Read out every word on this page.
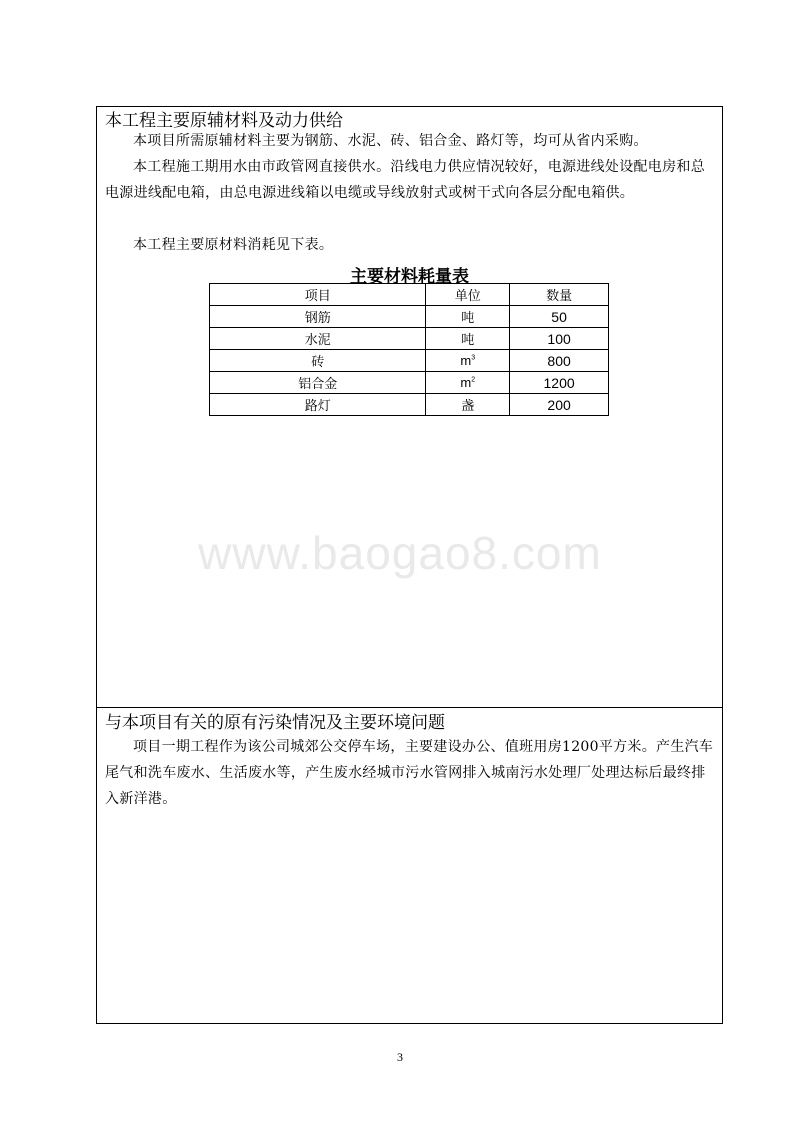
本工程主要原辅材料及动力供给
本项目所需原辅材料主要为钢筋、水泥、砖、铝合金、路灯等，均可从省内采购。
本工程施工期用水由市政管网直接供水。沿线电力供应情况较好，电源进线处设配电房和总电源进线配电箱，由总电源进线箱以电缆或导线放射式或树干式向各层分配电箱供。
本工程主要原材料消耗见下表。
主要材料耗量表
项目	单位	数量
钢筋	吨	50
水泥	吨	100
砖	$m^3$	800
铝合金	$m^2$	1200
路灯	盏	200
与本项目有关的原有污染情况及主要环境问题
项目一期工程作为该公司城郊公交停车场，主要建设办公、值班用房1200平方米。产生汽车尾气和洗车废水、生活废水等，产生废水经城市污水管网排入城南污水处理厂处理达标后最终排入新洋港。
www.baogao8.com
3
